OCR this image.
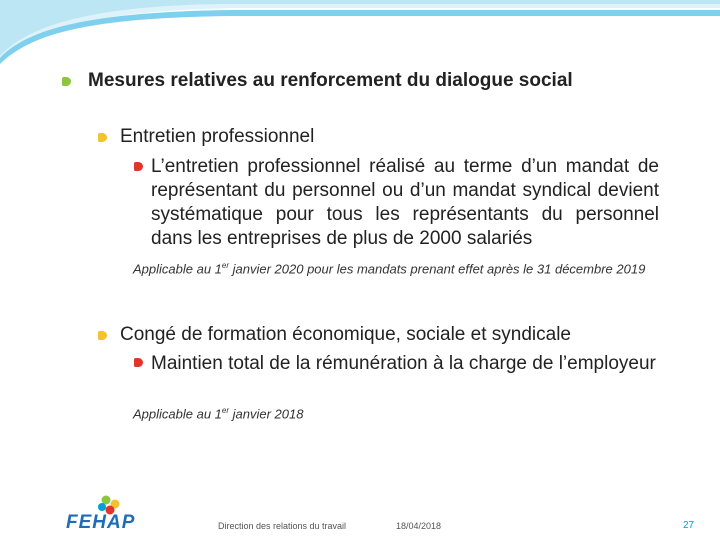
Mesures relatives au renforcement du dialogue social
Entretien professionnel
L’entretien professionnel réalisé au terme d’un mandat de représentant du personnel ou d’un mandat syndical devient systématique pour tous les représentants du personnel dans les entreprises de plus de 2000 salariés
Applicable au 1er janvier 2020 pour les mandats prenant effet après le 31 décembre 2019
Congé de formation économique, sociale et syndicale
Maintien total de la rémunération à la charge de l’employeur
Applicable au 1er janvier 2018
FEHAP	Direction des relations du travail	18/04/2018	27
